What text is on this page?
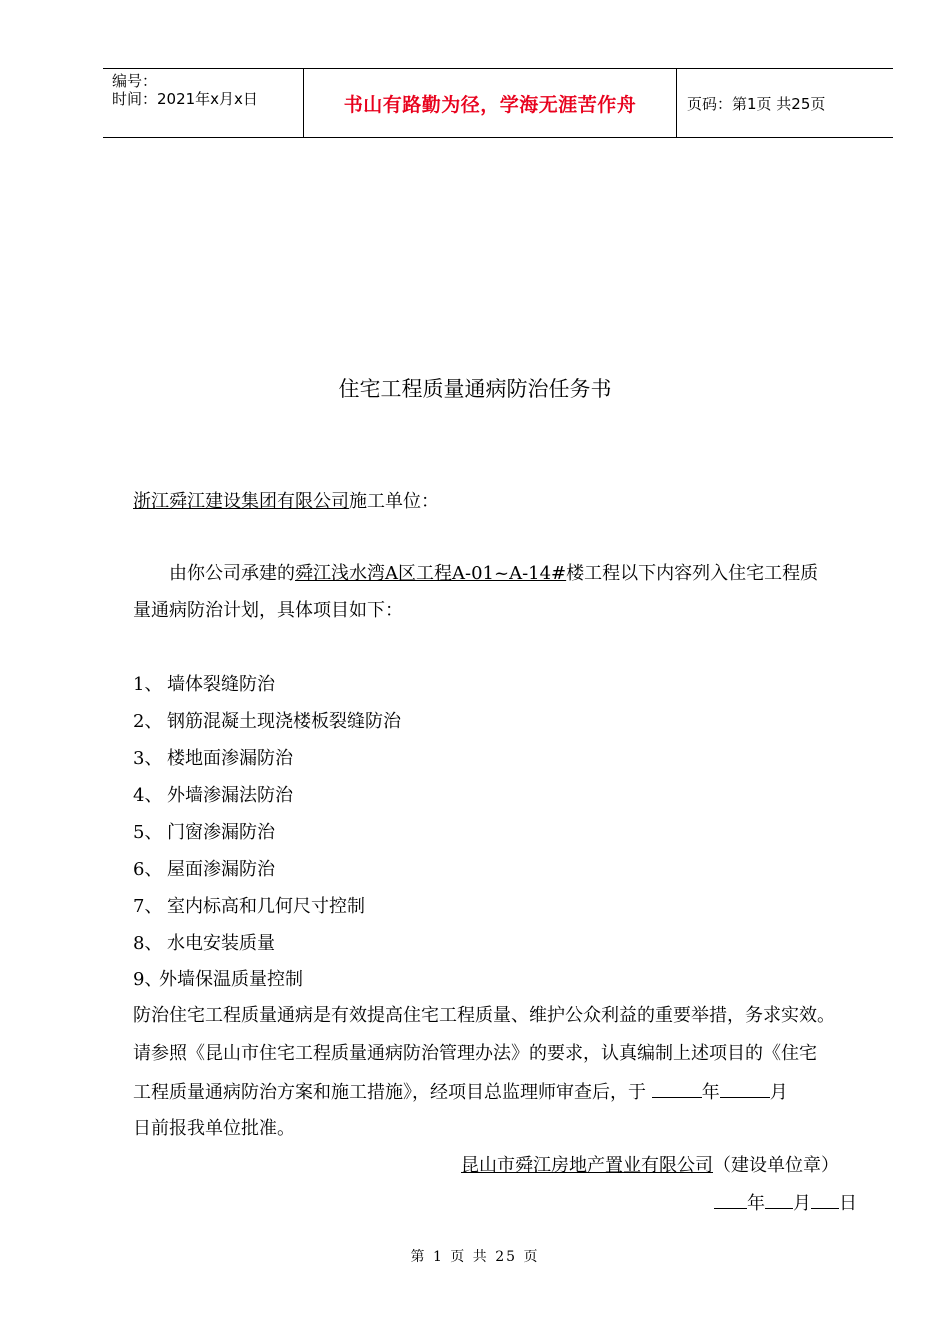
编号：
时间：2021年x月x日	书山有路勤为径，学海无涯苦作舟	页码：第1页 共25页
住宅工程质量通病防治任务书
浙江舜江建设集团有限公司施工单位：
由你公司承建的舜江浅水湾A区工程A-01~A-14#楼工程以下内容列入住宅工程质
量通病防治计划，具体项目如下：
1、 墙体裂缝防治
2、 钢筋混凝土现浇楼板裂缝防治
3、 楼地面渗漏防治
4、 外墙渗漏法防治
5、 门窗渗漏防治
6、 屋面渗漏防治
7、 室内标高和几何尺寸控制
8、 水电安装质量
9、外墙保温质量控制
防治住宅工程质量通病是有效提高住宅工程质量、维护公众利益的重要举措，务求实效。
请参照《昆山市住宅工程质量通病防治管理办法》的要求，认真编制上述项目的《住宅
工程质量通病防治方案和施工措施》，经项目总监理师审查后，于	年	月
日前报我单位批准。
昆山市舜江房地产置业有限公司（建设单位章）
年 月 日
第 1 页 共 25 页
